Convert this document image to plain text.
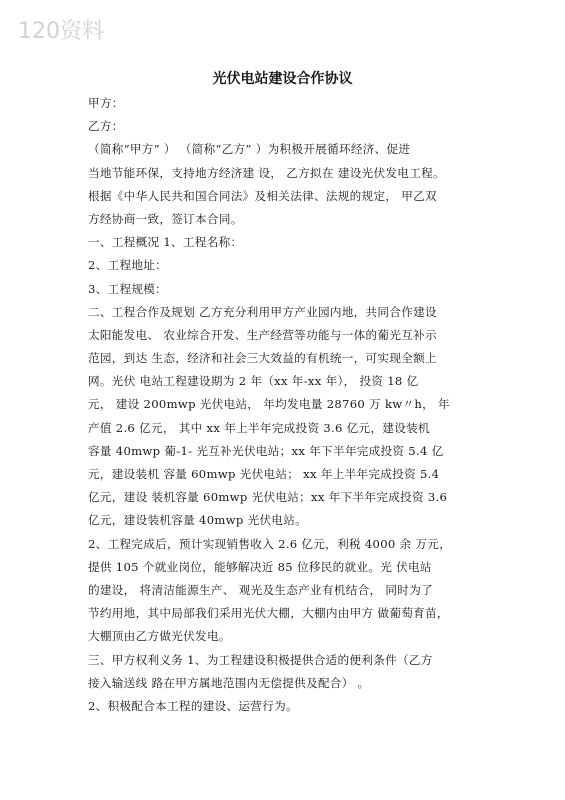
120资料
光伏电站建设合作协议
甲方：
乙方：
（简称“甲方” ） （简称“乙方” ）为积极开展循环经济、促进
当地节能环保，支持地方经济建 设， 乙方拟在 建设光伏发电工程。
根据《中华人民共和国合同法》及相关法律、法规的规定， 甲乙双
方经协商一致，签订本合同。
一、工程概况 1、工程名称：
2、工程地址：
3、工程规模：
二、工程合作及规划 乙方充分利用甲方产业园内地，共同合作建设
太阳能发电、 农业综合开发、生产经营等功能与一体的葡光互补示
范园，到达 生态，经济和社会三大效益的有机统一，可实现全额上
网。光伏 电站工程建设期为 2 年（xx 年-xx 年）， 投资 18 亿
元， 建设 200mwp 光伏电站， 年均发电量 28760 万 kw〃h， 年
产值 2.6 亿元， 其中 xx 年上半年完成投资 3.6 亿元，建设装机
容量 40mwp 葡-1- 光互补光伏电站；xx 年下半年完成投资 5.4 亿
元，建设装机 容量 60mwp 光伏电站； xx 年上半年完成投资 5.4
亿元，建设 装机容量 60mwp 光伏电站；xx 年下半年完成投资 3.6
亿元，建设装机容量 40mwp 光伏电站。
2、工程完成后，预计实现销售收入 2.6 亿元，利税 4000 余 万元，
提供 105 个就业岗位，能够解决近 85 位移民的就业。光 伏电站
的建设， 将清洁能源生产、 观光及生态产业有机结合， 同时为了
节约用地，其中局部我们采用光伏大棚，大棚内由甲方 做葡萄育苗，
大棚顶由乙方做光伏发电。
三、甲方权利义务 1、为工程建设积极提供合适的便利条件（乙方
接入输送线 路在甲方属地范围内无偿提供及配合） 。
2、积极配合本工程的建设、运营行为。
